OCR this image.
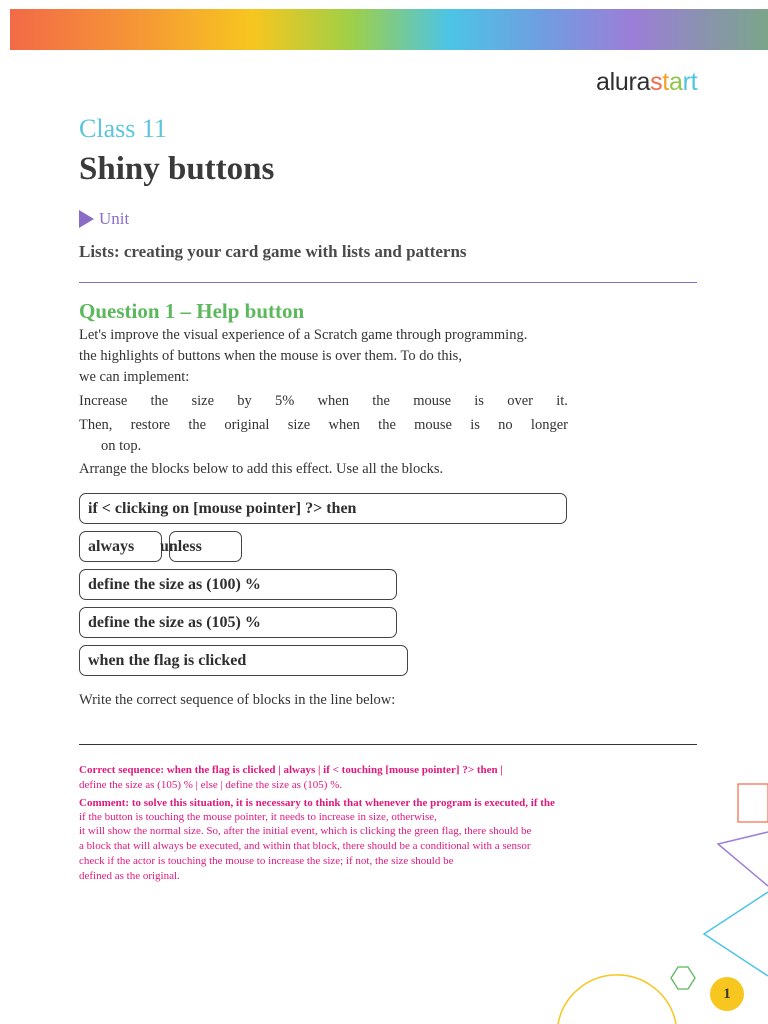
alurastart
Class 11
Shiny buttons
Unit
Lists: creating your card game with lists and patterns
Question 1 – Help button

Let's improve the visual experience of a Scratch game through programming.

the highlights of buttons when the mouse is over them. To do this,

we can implement:

Increase the size by 5% when the mouse is over it.
Then, restore the original size when the mouse is no longer

on top.

Arrange the blocks below to add this effect. Use all the blocks.

if < clicking on [mouse pointer] ?> then
always unless
define the size as (100) %
define the size as (105) %
when the flag is clicked

Write the correct sequence of blocks in the line below:

Correct sequence: when the flag is clicked | always | if < touching [mouse pointer] ?> then |

define the size as (105) % | else | define the size as (105) %.

Comment: to solve this situation, it is necessary to think that whenever the program is executed, if the

if the button is touching the mouse pointer, it needs to increase in size, otherwise,

it will show the normal size. So, after the initial event, which is clicking the green flag, there should be

a block that will always be executed, and within that block, there should be a conditional with a sensor

check if the actor is touching the mouse to increase the size; if not, the size should be

defined as the original.

1
